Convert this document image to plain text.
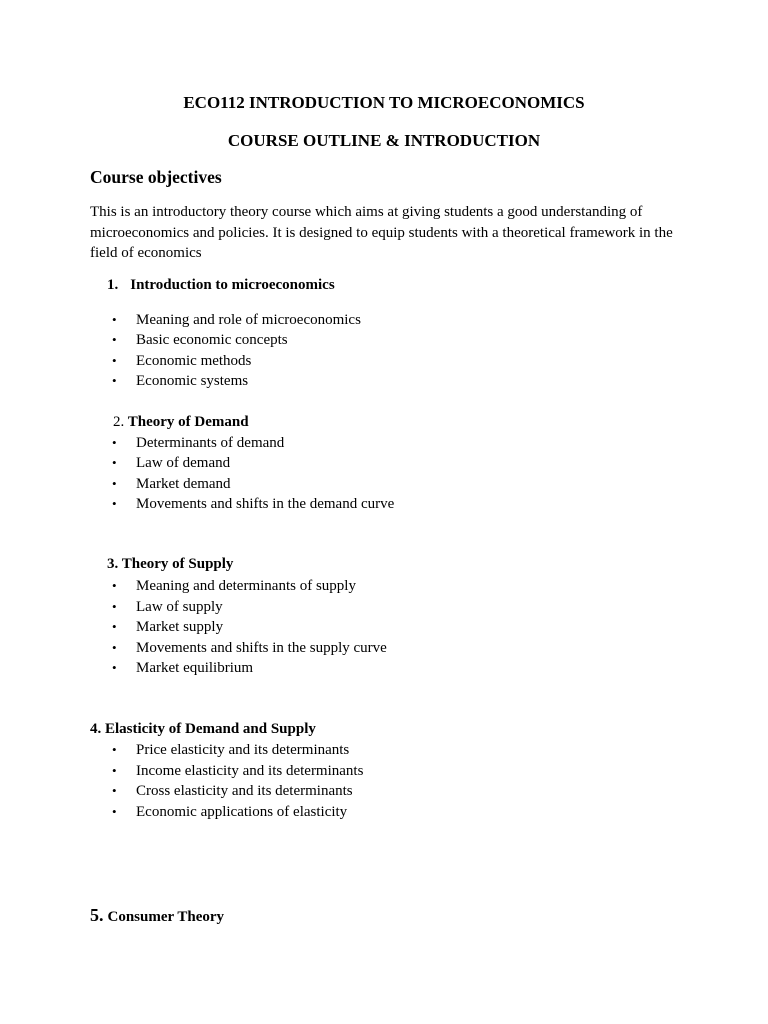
ECO112 INTRODUCTION TO MICROECONOMICS
COURSE OUTLINE & INTRODUCTION
Course objectives
This is an introductory theory course which aims at giving students a good understanding of microeconomics and policies. It is designed to equip students with a theoretical framework in the field of economics
1. Introduction to microeconomics
• Meaning and role of microeconomics
• Basic economic concepts
• Economic methods
• Economic systems
2. Theory of Demand
• Determinants of demand
• Law of demand
• Market demand
• Movements and shifts in the demand curve
3. Theory of Supply
• Meaning and determinants of supply
• Law of supply
• Market supply
• Movements and shifts in the supply curve
• Market equilibrium
4. Elasticity of Demand and Supply
• Price elasticity and its determinants
• Income elasticity and its determinants
• Cross elasticity and its determinants
• Economic applications of elasticity
5. Consumer Theory
